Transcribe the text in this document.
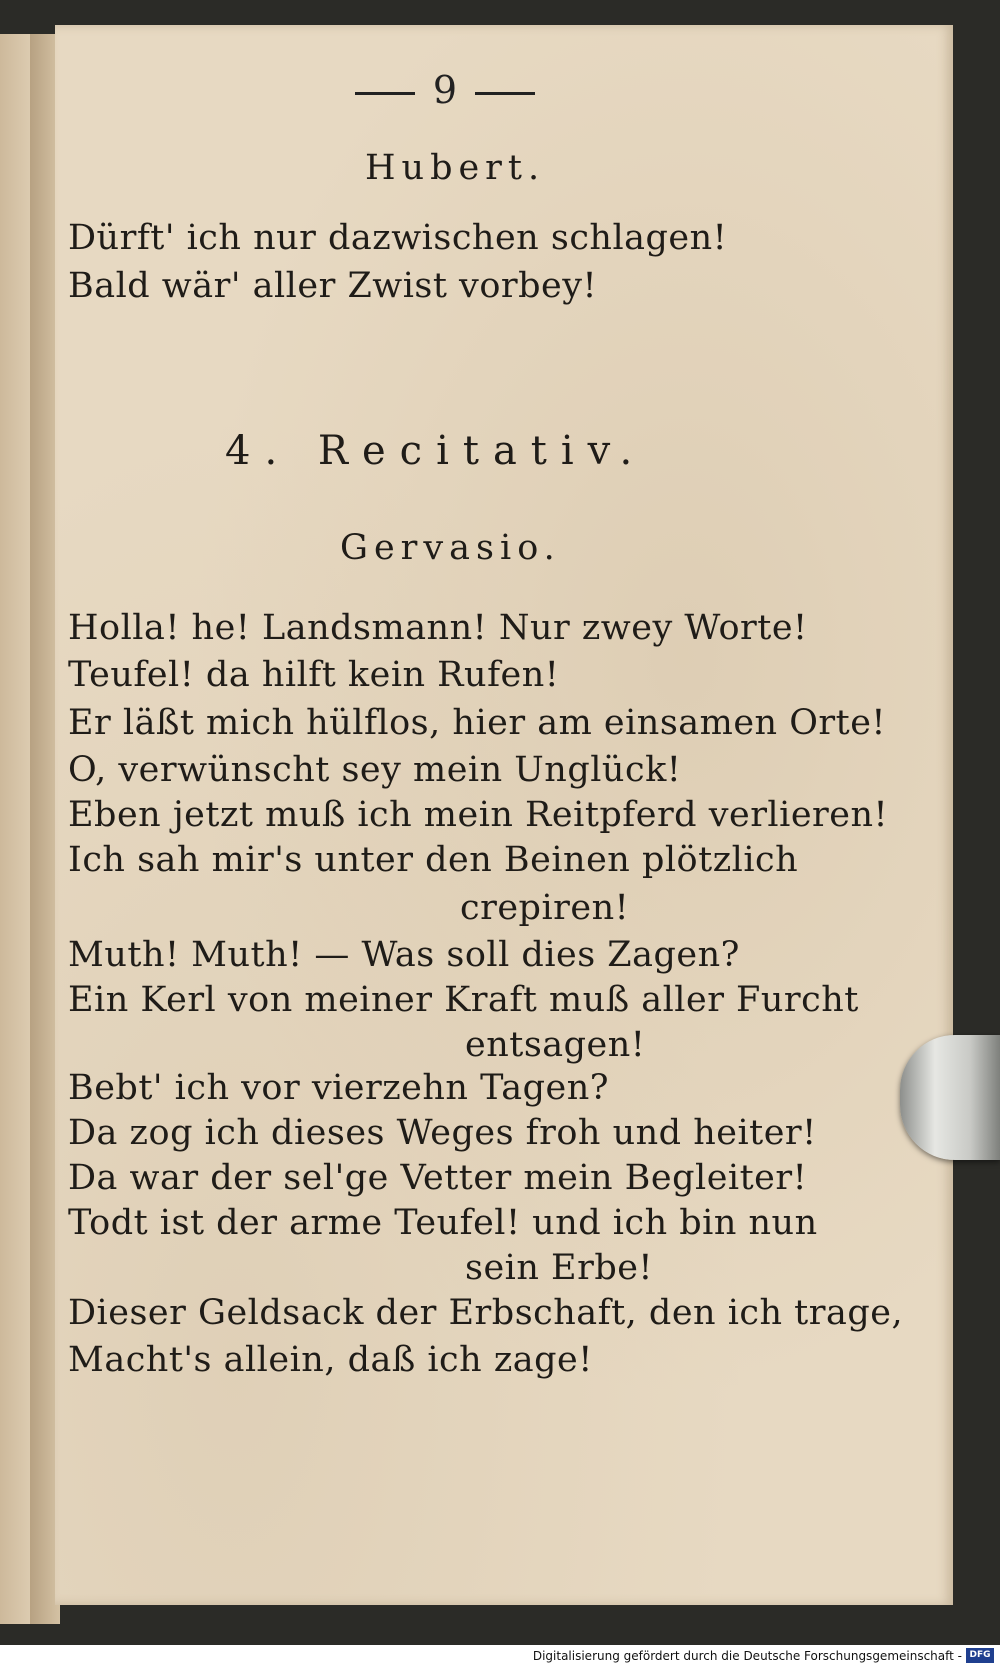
9
Hubert.
Dürft' ich nur dazwischen schlagen!
Bald wär' aller Zwist vorbey!
4. Recitativ.
Gervasio.
Holla! he! Landsmann! Nur zwey Worte!
Teufel! da hilft kein Rufen!
Er läßt mich hülflos, hier am einsamen Orte!
O, verwünscht sey mein Unglück!
Eben jetzt muß ich mein Reitpferd verlieren!
Ich sah mir's unter den Beinen plötzlich
crepiren!
Muth! Muth! — Was soll dies Zagen?
Ein Kerl von meiner Kraft muß aller Furcht
entsagen!
Bebt' ich vor vierzehn Tagen?
Da zog ich dieses Weges froh und heiter!
Da war der sel'ge Vetter mein Begleiter!
Todt ist der arme Teufel! und ich bin nun
sein Erbe!
Dieser Geldsack der Erbschaft, den ich trage,
Macht's allein, daß ich zage!
Digitalisierung gefördert durch die Deutsche Forschungsgemeinschaft - DFG
